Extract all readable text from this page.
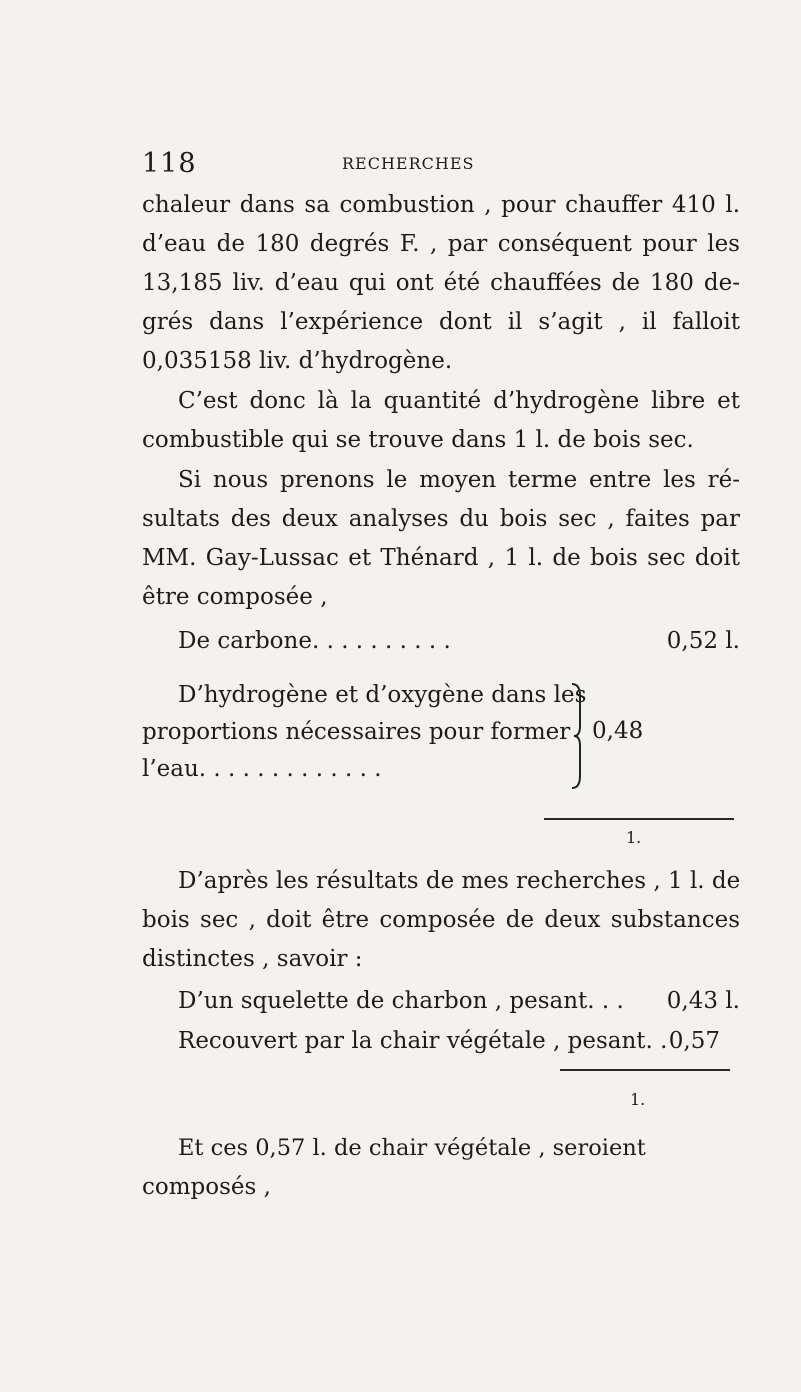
118	RECHERCHES
chaleur dans sa combustion , pour chauffer 410 l.
d’eau de 180 degrés F. , par conséquent pour les
13,185 liv. d’eau qui ont été chauffées de 180 de-
grés dans l’expérience dont il s’agit , il falloit
0,035158 liv. d’hydrogène.
C’est donc là la quantité d’hydrogène libre et
combustible qui se trouve dans 1 l. de bois sec.
Si nous prenons le moyen terme entre les ré-
sultats des deux analyses du bois sec , faites par
MM. Gay-Lussac et Thénard , 1 l. de bois sec doit
être composée ,
De carbone. . . . . . . . . .	0,52 l.
D’hydrogène et d’oxygène dans les
proportions nécessaires pour former
l’eau. . . . . . . . . . . . .
0,48
1.
D’après les résultats de mes recherches , 1 l. de
bois sec , doit être composée de deux substances
distinctes , savoir :
D’un squelette de charbon , pesant. . . 0,43 l.
Recouvert par la chair végétale , pesant. . 0,57
1.
Et ces 0,57 l. de chair végétale , seroient
composés ,
